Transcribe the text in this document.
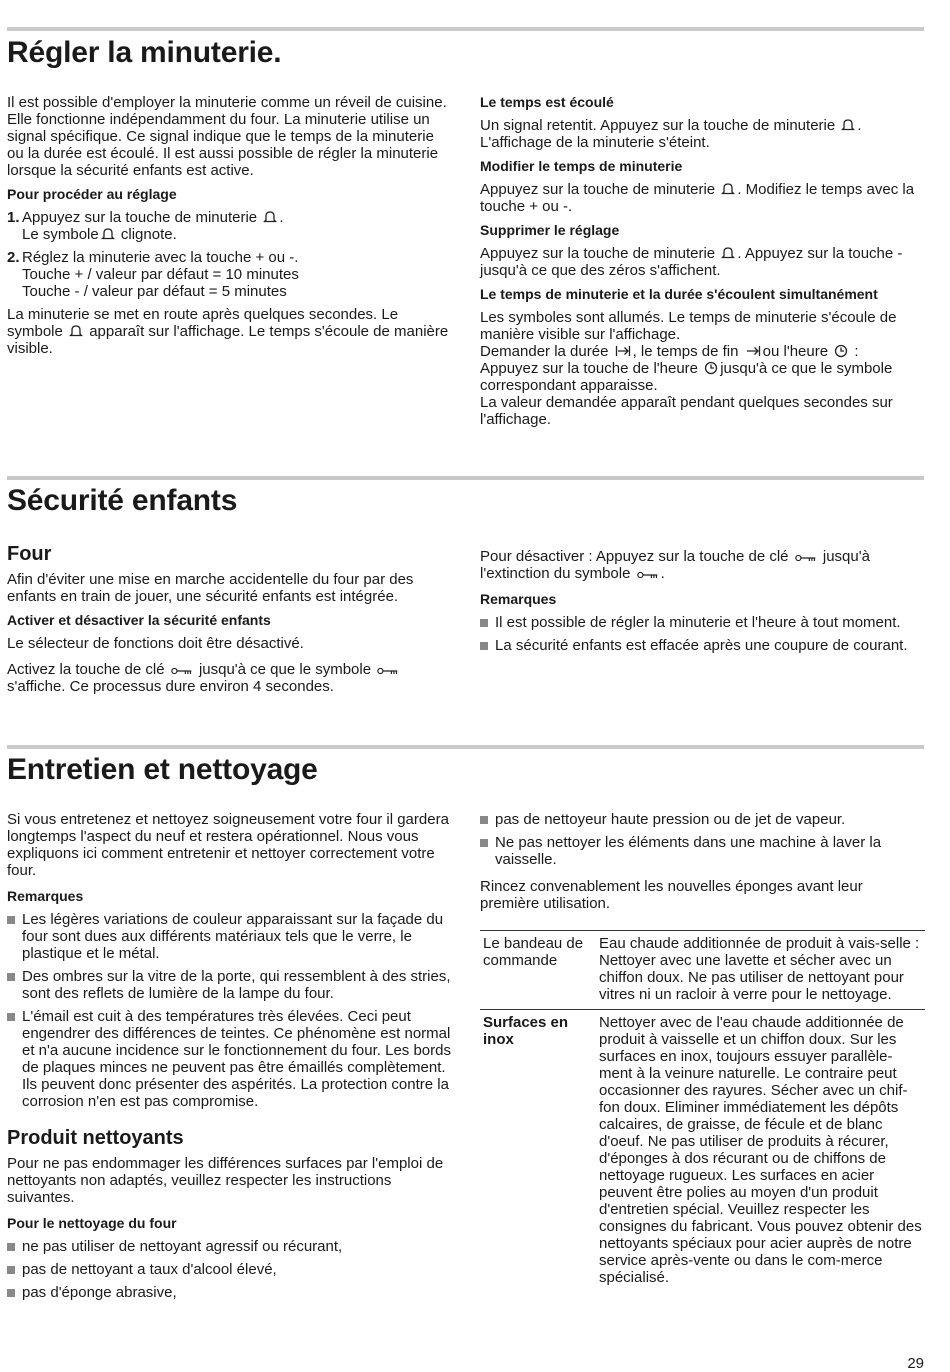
Régler la minuterie.

Il est possible d'employer la minuterie comme un réveil de cuisine. Elle fonctionne indépendamment du four. La minuterie utilise un signal spécifique. Ce signal indique que le temps de la minuterie ou la durée est écoulé. Il est aussi possible de régler la minuterie lorsque la sécurité enfants est active.

Pour procéder au réglage
1. Appuyez sur la touche de minuterie .
Le symbole clignote.
2. Réglez la minuterie avec la touche + ou -.
Touche + / valeur par défaut = 10 minutes
Touche - / valeur par défaut = 5 minutes

La minuterie se met en route après quelques secondes. Le symbole apparaît sur l'affichage. Le temps s'écoule de manière visible.

Le temps est écoulé

Un signal retentit. Appuyez sur la touche de minuterie . L'affichage de la minuterie s'éteint.

Modifier le temps de minuterie

Appuyez sur la touche de minuterie . Modifiez le temps avec la touche + ou -.

Supprimer le réglage

Appuyez sur la touche de minuterie . Appuyez sur la touche - jusqu'à ce que des zéros s'affichent.

Le temps de minuterie et la durée s'écoulent simultanément
Les symboles sont allumés. Le temps de minuterie s'écoule de manière visible sur l'affichage.
Demander la durée , le temps de fin ou l'heure  :
Appuyez sur la touche de l'heure jusqu'à ce que le symbole correspondant apparaisse.
La valeur demandée apparaît pendant quelques secondes sur l'affichage.
Sécurité enfants
Four

Afin d'éviter une mise en marche accidentelle du four par des enfants en train de jouer, une sécurité enfants est intégrée.

Activer et désactiver la sécurité enfants

Le sélecteur de fonctions doit être désactivé.

Activez la touche de clé jusqu'à ce que le symbole  s'affiche. Ce processus dure environ 4 secondes.

Pour désactiver : Appuyez sur la touche de clé jusqu'à l'extinction du symbole .

Remarques
Il est possible de régler la minuterie et l'heure à tout moment.
La sécurité enfants est effacée après une coupure de courant.
Entretien et nettoyage

Si vous entretenez et nettoyez soigneusement votre four il gardera longtemps l'aspect du neuf et restera opérationnel. Nous vous expliquons ici comment entretenir et nettoyer correctement votre four.

Remarques
Les légères variations de couleur apparaissant sur la façade du four sont dues aux différents matériaux tels que le verre, le plastique et le métal.
Des ombres sur la vitre de la porte, qui ressemblent à des stries, sont des reflets de lumière de la lampe du four.
L'émail est cuit à des températures très élevées. Ceci peut engendrer des différences de teintes. Ce phénomène est normal et n'a aucune incidence sur le fonctionnement du four. Les bords de plaques minces ne peuvent pas être émaillés complètement. Ils peuvent donc présenter des aspérités. La protection contre la corrosion n'en est pas compromise.
Produit nettoyants

Pour ne pas endommager les différences surfaces par l'emploi de nettoyants non adaptés, veuillez respecter les instructions suivantes.

Pour le nettoyage du four
ne pas utiliser de nettoyant agressif ou récurant,
pas de nettoyant a taux d'alcool élevé,
pas d'éponge abrasive,
pas de nettoyeur haute pression ou de jet de vapeur.
Ne pas nettoyer les éléments dans une machine à laver la vaisselle.

Rincez convenablement les nouvelles éponges avant leur première utilisation.

Le bandeau de commande	Eau chaude additionnée de produit à vais-selle : Nettoyer avec une lavette et sécher avec un chiffon doux. Ne pas utiliser de nettoyant pour vitres ni un racloir à verre pour le nettoyage.
Surfaces en inox	Nettoyer avec de l'eau chaude additionnée de produit à vaisselle et un chiffon doux. Sur les surfaces en inox, toujours essuyer parallèle-ment à la veinure naturelle. Le contraire peut occasionner des rayures. Sécher avec un chif-fon doux. Eliminer immédiatement les dépôts calcaires, de graisse, de fécule et de blanc d'oeuf. Ne pas utiliser de produits à récurer, d'éponges à dos récurant ou de chiffons de nettoyage rugueux. Les surfaces en acier peuvent être polies au moyen d'un produit d'entretien spécial. Veuillez respecter les consignes du fabricant. Vous pouvez obtenir des nettoyants spéciaux pour acier auprès de notre service après-vente ou dans le com-merce spécialisé.
29
